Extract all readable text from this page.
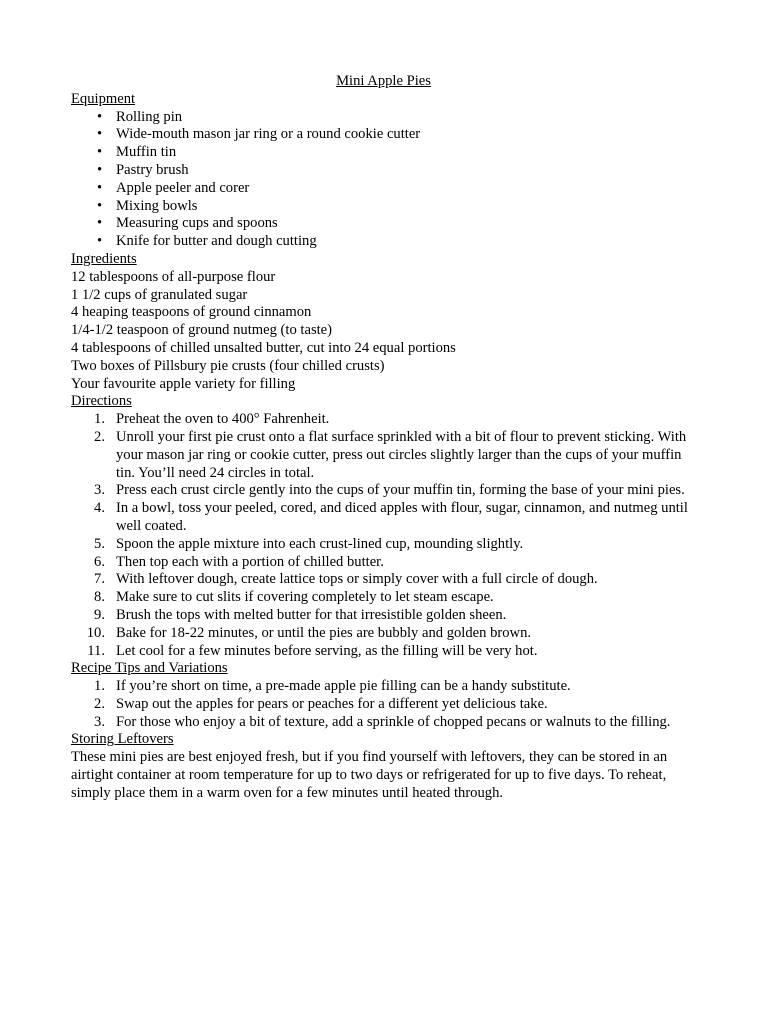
Mini Apple Pies

Equipment

• Rolling pin
• Wide-mouth mason jar ring or a round cookie cutter
• Muffin tin
• Pastry brush
• Apple peeler and corer
• Mixing bowls
• Measuring cups and spoons
• Knife for butter and dough cutting

Ingredients

12 tablespoons of all-purpose flour

1 1/2 cups of granulated sugar

4 heaping teaspoons of ground cinnamon

1/4-1/2 teaspoon of ground nutmeg (to taste)

4 tablespoons of chilled unsalted butter, cut into 24 equal portions

Two boxes of Pillsbury pie crusts (four chilled crusts)

Your favourite apple variety for filling

Directions

1. Preheat the oven to 400° Fahrenheit.
2. Unroll your first pie crust onto a flat surface sprinkled with a bit of flour to prevent sticking. With your mason jar ring or cookie cutter, press out circles slightly larger than the cups of your muffin tin. You’ll need 24 circles in total.
3. Press each crust circle gently into the cups of your muffin tin, forming the base of your mini pies.
4. In a bowl, toss your peeled, cored, and diced apples with flour, sugar, cinnamon, and nutmeg until well coated.
5. Spoon the apple mixture into each crust-lined cup, mounding slightly.
6. Then top each with a portion of chilled butter.
7. With leftover dough, create lattice tops or simply cover with a full circle of dough.
8. Make sure to cut slits if covering completely to let steam escape.
9. Brush the tops with melted butter for that irresistible golden sheen.
10. Bake for 18-22 minutes, or until the pies are bubbly and golden brown.
11. Let cool for a few minutes before serving, as the filling will be very hot.

Recipe Tips and Variations

1. If you’re short on time, a pre-made apple pie filling can be a handy substitute.
2. Swap out the apples for pears or peaches for a different yet delicious take.
3. For those who enjoy a bit of texture, add a sprinkle of chopped pecans or walnuts to the filling.

Storing Leftovers

These mini pies are best enjoyed fresh, but if you find yourself with leftovers, they can be stored in an airtight container at room temperature for up to two days or refrigerated for up to five days. To reheat, simply place them in a warm oven for a few minutes until heated through.
